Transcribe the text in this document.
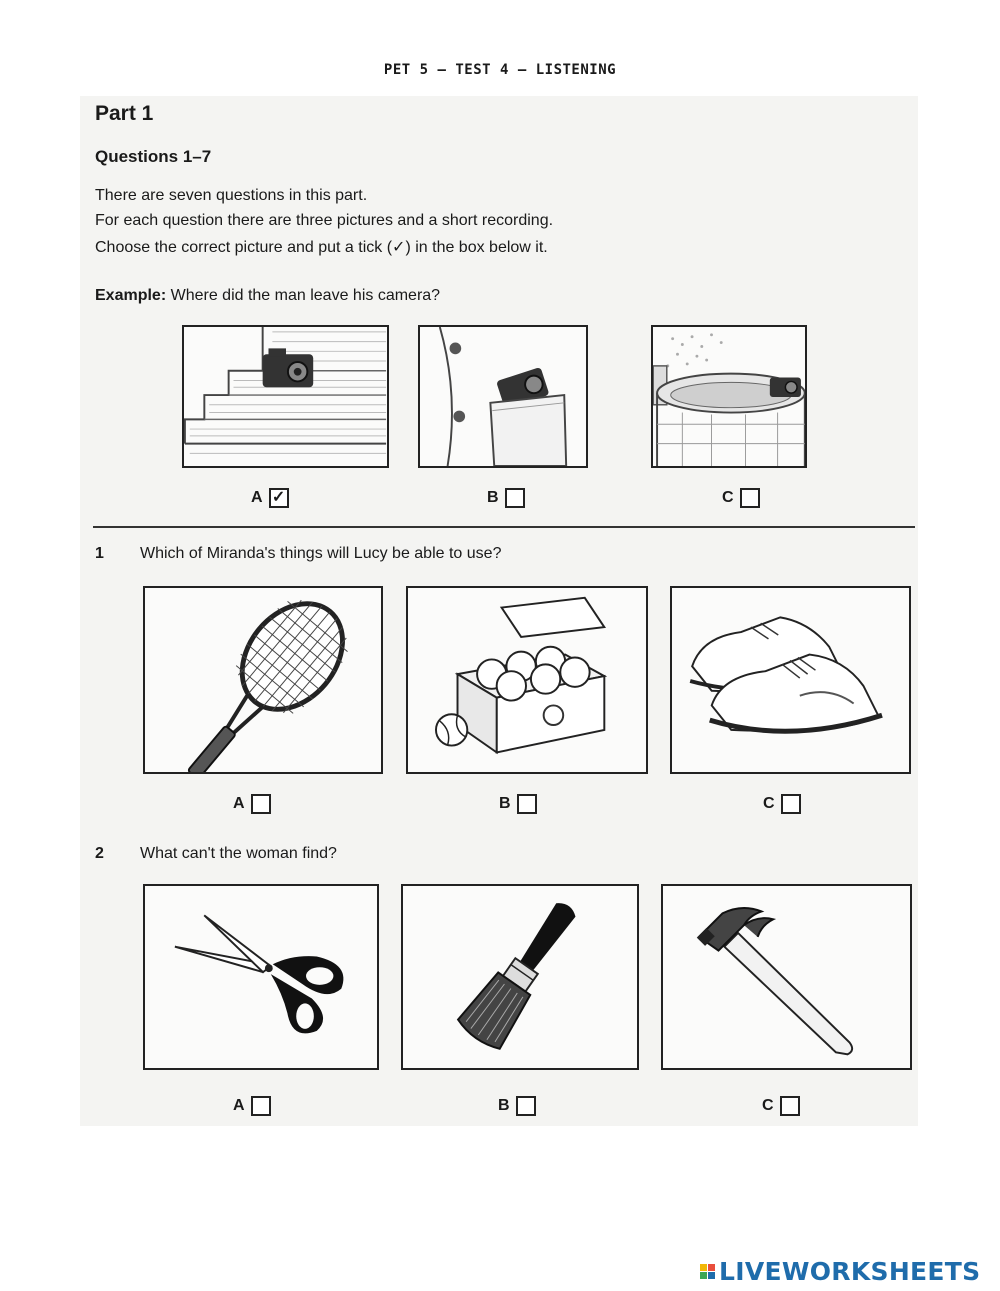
PET 5 – TEST 4 – LISTENING
Part 1
Questions 1–7
There are seven questions in this part.
For each question there are three pictures and a short recording.
Choose the correct picture and put a tick (✓) in the box below it.
Example: Where did the man leave his camera?
A ✓	B	C
1 Which of Miranda's things will Lucy be able to use?
A	B	C
2 What can't the woman find?
A	B	C
LIVEWORKSHEETS
